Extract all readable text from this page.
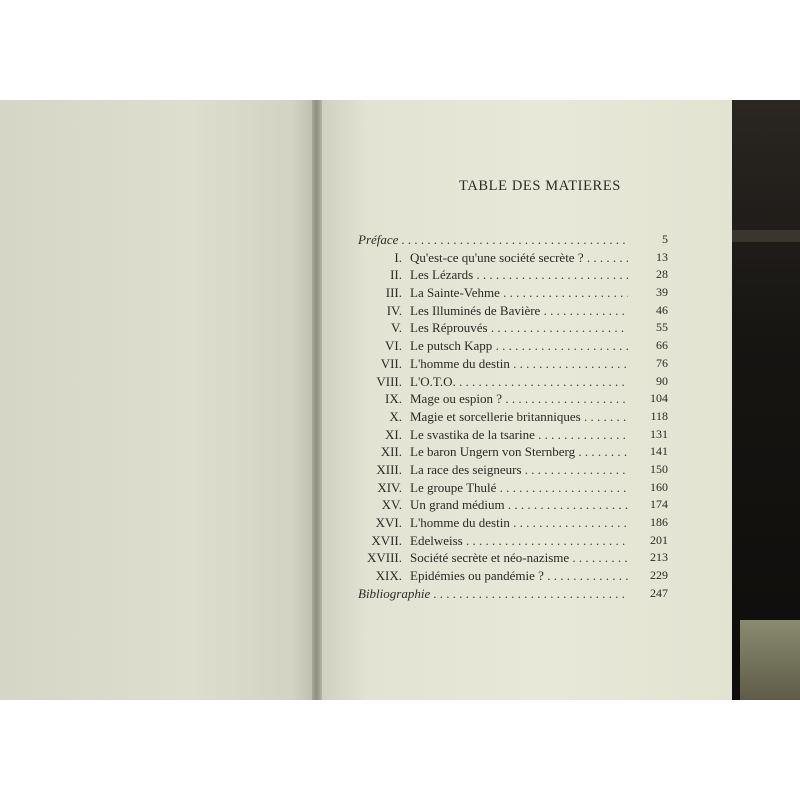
TABLE DES MATIERES
Préface . . .	5
I. Qu'est-ce qu'une société secrète ? . . .	13
II. Les Lézards . . .	28
III. La Sainte-Vehme . . .	39
IV. Les Illuminés de Bavière . . .	46
V. Les Réprouvés . . .	55
VI. Le putsch Kapp . . .	66
VII. L'homme du destin . . .	76
VIII. L'O.T.O. . . .	90
IX. Mage ou espion ? . . .	104
X. Magie et sorcellerie britanniques . . .	118
XI. Le svastika de la tsarine . . .	131
XII. Le baron Ungern von Sternberg . . .	141
XIII. La race des seigneurs . . .	150
XIV. Le groupe Thulé . . .	160
XV. Un grand médium . . .	174
XVI. L'homme du destin . . .	186
XVII. Edelweiss . . .	201
XVIII. Société secrète et néo-nazisme . . .	213
XIX. Epidémies ou pandémie ? . . .	229
Bibliographie . . .	247
